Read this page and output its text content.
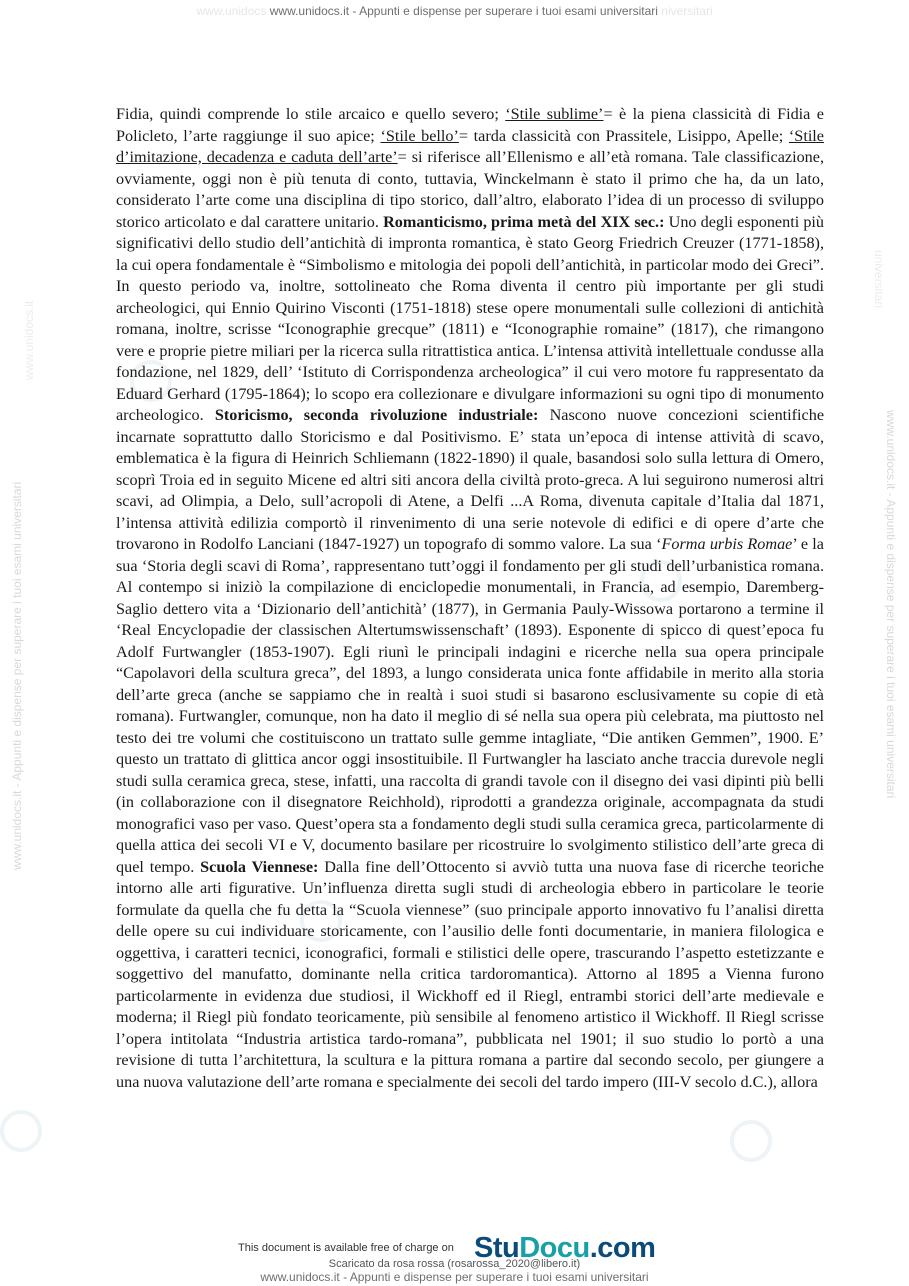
www.unidocs www.unidocs.it - Appunti e dispense per superare i tuoi esami universitari niversitari
www.unidocs.it - Appunti e dispense per superare i tuoi esami universitari	www.unidocs.it - Appunti e dispense per superare i tuoi esami universitari
www.unidocs.it
universitari
Fidia, quindi comprende lo stile arcaico e quello severo; ‘Stile sublime’= è la piena classicità di Fidia e Policleto, l’arte raggiunge il suo apice; ‘Stile bello’= tarda classicità con Prassitele, Lisippo, Apelle; ‘Stile d’imitazione, decadenza e caduta dell’arte’= si riferisce all’Ellenismo e all’età romana. Tale classificazione, ovviamente, oggi non è più tenuta di conto, tuttavia, Winckelmann è stato il primo che ha, da un lato, considerato l’arte come una disciplina di tipo storico, dall’altro, elaborato l’idea di un processo di sviluppo storico articolato e dal carattere unitario. Romanticismo, prima metà del XIX sec.: Uno degli esponenti più significativi dello studio dell’antichità di impronta romantica, è stato Georg Friedrich Creuzer (1771-1858), la cui opera fondamentale è “Simbolismo e mitologia dei popoli dell’antichità, in particolar modo dei Greci”. In questo periodo va, inoltre, sottolineato che Roma diventa il centro più importante per gli studi archeologici, qui Ennio Quirino Visconti (1751-1818) stese opere monumentali sulle collezioni di antichità romana, inoltre, scrisse “Iconographie grecque” (1811) e “Iconographie romaine” (1817), che rimangono vere e proprie pietre miliari per la ricerca sulla ritrattistica antica. L’intensa attività intellettuale condusse alla fondazione, nel 1829, dell’ ‘Istituto di Corrispondenza archeologica” il cui vero motore fu rappresentato da Eduard Gerhard (1795-1864); lo scopo era collezionare e divulgare informazioni su ogni tipo di monumento archeologico. Storicismo, seconda rivoluzione industriale: Nascono nuove concezioni scientifiche incarnate soprattutto dallo Storicismo e dal Positivismo. E’ stata un’epoca di intense attività di scavo, emblematica è la figura di Heinrich Schliemann (1822-1890) il quale, basandosi solo sulla lettura di Omero, scoprì Troia ed in seguito Micene ed altri siti ancora della civiltà proto-greca. A lui seguirono numerosi altri scavi, ad Olimpia, a Delo, sull’acropoli di Atene, a Delfi ...A Roma, divenuta capitale d’Italia dal 1871, l’intensa attività edilizia comportò il rinvenimento di una serie notevole di edifici e di opere d’arte che trovarono in Rodolfo Lanciani (1847-1927) un topografo di sommo valore. La sua ‘Forma urbis Romae’ e la sua ‘Storia degli scavi di Roma’, rappresentano tutt’oggi il fondamento per gli studi dell’urbanistica romana. Al contempo si iniziò la compilazione di enciclopedie monumentali, in Francia, ad esempio, Daremberg-Saglio dettero vita a ‘Dizionario dell’antichità’ (1877), in Germania Pauly-Wissowa portarono a termine il ‘Real Encyclopadie der classischen Altertumswissenschaft’ (1893). Esponente di spicco di quest’epoca fu Adolf Furtwangler (1853-1907). Egli riunì le principali indagini e ricerche nella sua opera principale “Capolavori della scultura greca”, del 1893, a lungo considerata unica fonte affidabile in merito alla storia dell’arte greca (anche se sappiamo che in realtà i suoi studi si basarono esclusivamente su copie di età romana). Furtwangler, comunque, non ha dato il meglio di sé nella sua opera più celebrata, ma piuttosto nel testo dei tre volumi che costituiscono un trattato sulle gemme intagliate, “Die antiken Gemmen”, 1900. E’ questo un trattato di glittica ancor oggi insostituibile. Il Furtwangler ha lasciato anche traccia durevole negli studi sulla ceramica greca, stese, infatti, una raccolta di grandi tavole con il disegno dei vasi dipinti più belli (in collaborazione con il disegnatore Reichhold), riprodotti a grandezza originale, accompagnata da studi monografici vaso per vaso. Quest’opera sta a fondamento degli studi sulla ceramica greca, particolarmente di quella attica dei secoli VI e V, documento basilare per ricostruire lo svolgimento stilistico dell’arte greca di quel tempo. Scuola Viennese: Dalla fine dell’Ottocento si avviò tutta una nuova fase di ricerche teoriche intorno alle arti figurative. Un’influenza diretta sugli studi di archeologia ebbero in particolare le teorie formulate da quella che fu detta la “Scuola viennese” (suo principale apporto innovativo fu l’analisi diretta delle opere su cui individuare storicamente, con l’ausilio delle fonti documentarie, in maniera filologica e oggettiva, i caratteri tecnici, iconografici, formali e stilistici delle opere, trascurando l’aspetto estetizzante e soggettivo del manufatto, dominante nella critica tardoromantica). Attorno al 1895 a Vienna furono particolarmente in evidenza due studiosi, il Wickhoff ed il Riegl, entrambi storici dell’arte medievale e moderna; il Riegl più fondato teoricamente, più sensibile al fenomeno artistico il Wickhoff. Il Riegl scrisse l’opera intitolata “Industria artistica tardo-romana”, pubblicata nel 1901; il suo studio lo portò a una revisione di tutta l’architettura, la scultura e la pittura romana a partire dal secondo secolo, per giungere a una nuova valutazione dell’arte romana e specialmente dei secoli del tardo impero (III-V secolo d.C.), allora
This document is available free of charge on StuDocu.com
Scaricato da rosa rossa (rosarossa_2020@libero.it)
www.unidocs.it - Appunti e dispense per superare i tuoi esami universitari
